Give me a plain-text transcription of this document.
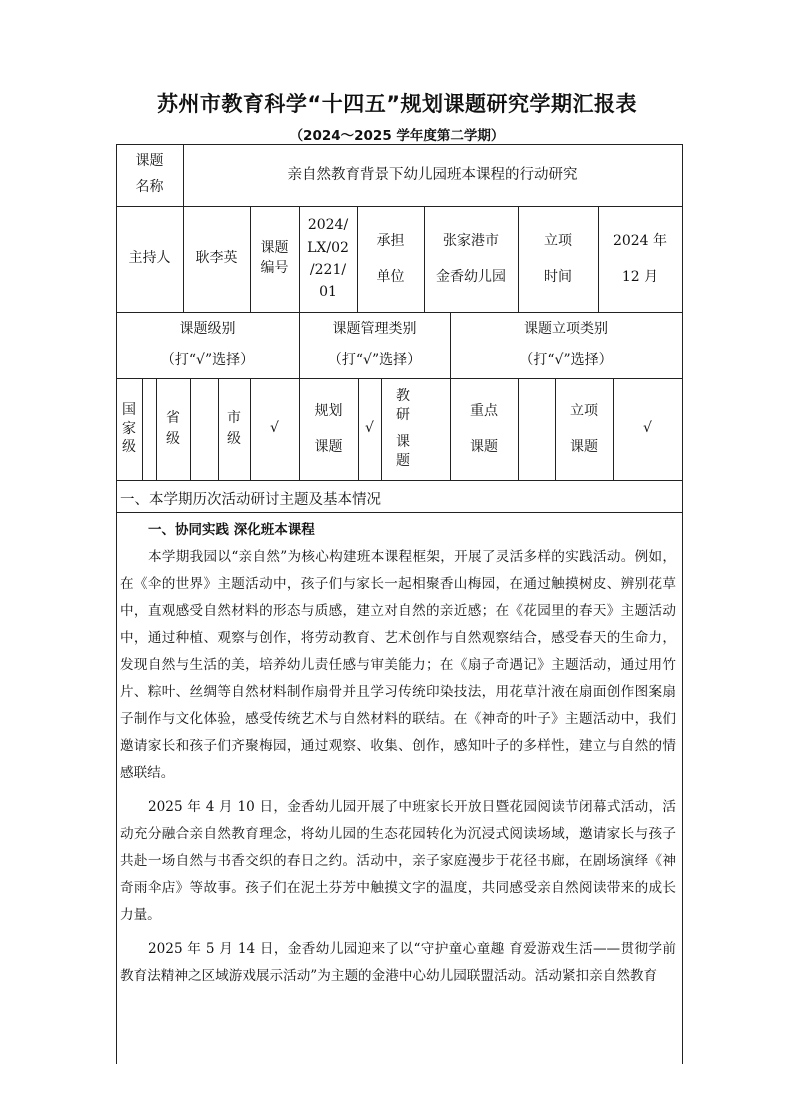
苏州市教育科学“十四五”规划课题研究学期汇报表
（2024～2025 学年度第二学期）
课题
名称
亲自然教育背景下幼儿园班本课程的行动研究
主持人	耿李英
课题
编号
2024/
LX/02
/221/
01
承担
单位
张家港市
金香幼儿园
立项
时间
2024 年
12 月
课题级别
（打“√”选择）
课题管理类别
（打“√”选择）
课题立项类别
（打“√”选择）
国
家
级
省
级
市
级
√
规划
课题
√
教
研
课
题
重点
课题
立项
课题
√
一、本学期历次活动研讨主题及基本情况
一、协同实践 深化班本课程

本学期我园以“亲自然”为核心构建班本课程框架，开展了灵活多样的实践活动。例如，在《伞的世界》主题活动中，孩子们与家长一起相聚香山梅园，在通过触摸树皮、辨别花草中，直观感受自然材料的形态与质感，建立对自然的亲近感；在《花园里的春天》主题活动中，通过种植、观察与创作，将劳动教育、艺术创作与自然观察结合，感受春天的生命力，发现自然与生活的美，培养幼儿责任感与审美能力；在《扇子奇遇记》主题活动，通过用竹片、粽叶、丝绸等自然材料制作扇骨并且学习传统印染技法，用花草汁液在扇面创作图案扇子制作与文化体验，感受传统艺术与自然材料的联结。在《神奇的叶子》主题活动中，我们邀请家长和孩子们齐聚梅园，通过观察、收集、创作，感知叶子的多样性，建立与自然的情感联结。

2025 年 4 月 10 日，金香幼儿园开展了中班家长开放日暨花园阅读节闭幕式活动，活动充分融合亲自然教育理念，将幼儿园的生态花园转化为沉浸式阅读场域，邀请家长与孩子共赴一场自然与书香交织的春日之约。活动中，亲子家庭漫步于花径书廊，在剧场演绎《神奇雨伞店》等故事。孩子们在泥土芬芳中触摸文字的温度，共同感受亲自然阅读带来的成长力量。

2025 年 5 月 14 日，金香幼儿园迎来了以“守护童心童趣 育爱游戏生活——贯彻学前教育法精神之区域游戏展示活动”为主题的金港中心幼儿园联盟活动。活动紧扣亲自然教育
